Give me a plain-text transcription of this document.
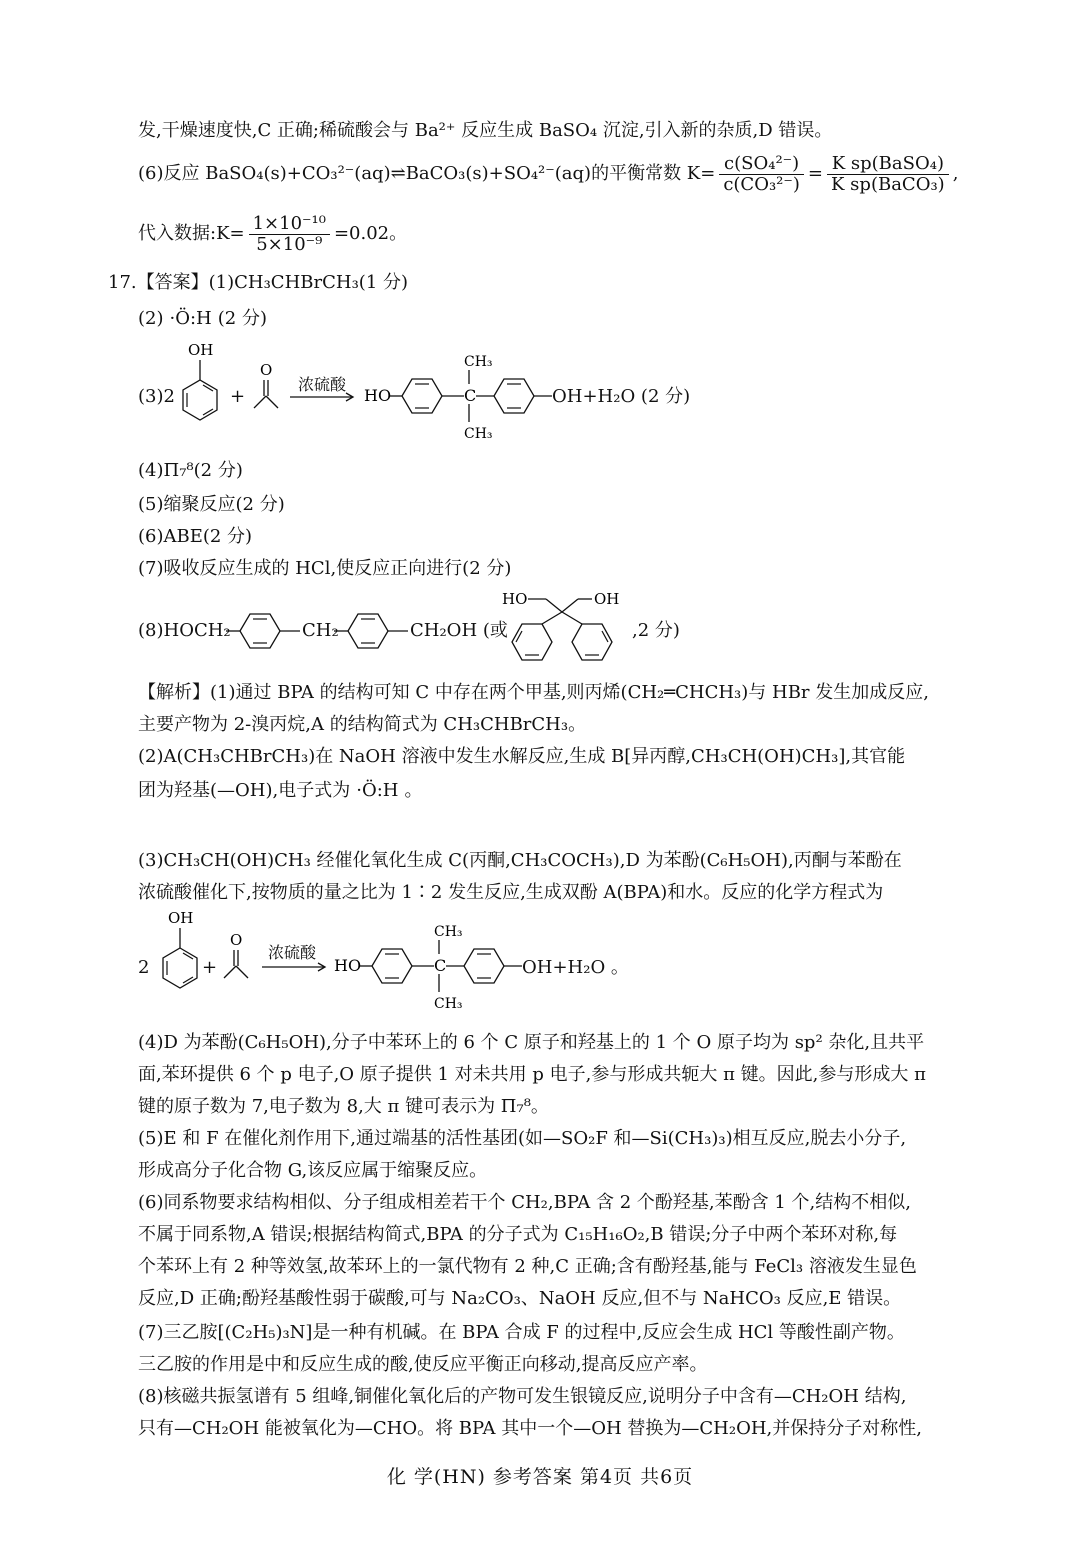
发,干燥速度快,C 正确;稀硫酸会与 Ba²⁺ 反应生成 BaSO₄ 沉淀,引入新的杂质,D 错误。
(6)反应 BaSO₄(s)+CO₃²⁻(aq)⇌BaCO₃(s)+SO₄²⁻(aq)的平衡常数 $K= \frac{\text{c(SO₄²⁻)}}{\text{c(CO₃²⁻)}} = \frac{\text{K sp(BaSO₄)}}{\text{K sp(BaCO₃)}}$ ,
代入数据:K= $\frac{\text{1×10⁻¹⁰}}{\text{5×10⁻⁹}} =0.02$。
17.【答案】(1)CH₃CHBrCH₃(1 分)
(2) ·Ö:H (2 分)
(3)2
OH
+
O
浓硫酸
HO	C
CH₃
CH₃
OH+H₂O (2 分)
(4)Π₇⁸(2 分)
(5)缩聚反应(2 分)
(6)ABE(2 分)
(7)吸收反应生成的 HCl,使反应正向进行(2 分)
(8)HOCH₂	CH₂	CH₂OH (或
HO	OH
,2 分)
【解析】(1)通过 BPA 的结构可知 C 中存在两个甲基,则丙烯(CH₂═CHCH₃)与 HBr 发生加成反应,
主要产物为 2-溴丙烷,A 的结构简式为 CH₃CHBrCH₃。
(2)A(CH₃CHBrCH₃)在 NaOH 溶液中发生水解反应,生成 B[异丙醇,CH₃CH(OH)CH₃],其官能
团为羟基(—OH),电子式为 ·Ö:H 。
(3)CH₃CH(OH)CH₃ 经催化氧化生成 C(丙酮,CH₃COCH₃),D 为苯酚(C₆H₅OH),丙酮与苯酚在
浓硫酸催化下,按物质的量之比为 1∶2 发生反应,生成双酚 A(BPA)和水。反应的化学方程式为
2
OH
+
O
浓硫酸
HO	C
CH₃
CH₃
OH+H₂O 。
(4)D 为苯酚(C₆H₅OH),分子中苯环上的 6 个 C 原子和羟基上的 1 个 O 原子均为 sp² 杂化,且共平
面,苯环提供 6 个 p 电子,O 原子提供 1 对未共用 p 电子,参与形成共轭大 π 键。因此,参与形成大 π
键的原子数为 7,电子数为 8,大 π 键可表示为 Π₇⁸。
(5)E 和 F 在催化剂作用下,通过端基的活性基团(如—SO₂F 和—Si(CH₃)₃)相互反应,脱去小分子,
形成高分子化合物 G,该反应属于缩聚反应。
(6)同系物要求结构相似、分子组成相差若干个 CH₂,BPA 含 2 个酚羟基,苯酚含 1 个,结构不相似,
不属于同系物,A 错误;根据结构简式,BPA 的分子式为 C₁₅H₁₆O₂,B 错误;分子中两个苯环对称,每
个苯环上有 2 种等效氢,故苯环上的一氯代物有 2 种,C 正确;含有酚羟基,能与 FeCl₃ 溶液发生显色
反应,D 正确;酚羟基酸性弱于碳酸,可与 Na₂CO₃、NaOH 反应,但不与 NaHCO₃ 反应,E 错误。
(7)三乙胺[(C₂H₅)₃N]是一种有机碱。在 BPA 合成 F 的过程中,反应会生成 HCl 等酸性副产物。
三乙胺的作用是中和反应生成的酸,使反应平衡正向移动,提高反应产率。
(8)核磁共振氢谱有 5 组峰,铜催化氧化后的产物可发生银镜反应,说明分子中含有—CH₂OH 结构,
只有—CH₂OH 能被氧化为—CHO。将 BPA 其中一个—OH 替换为—CH₂OH,并保持分子对称性,
化 学(HN) 参考答案 第4页 共6页
